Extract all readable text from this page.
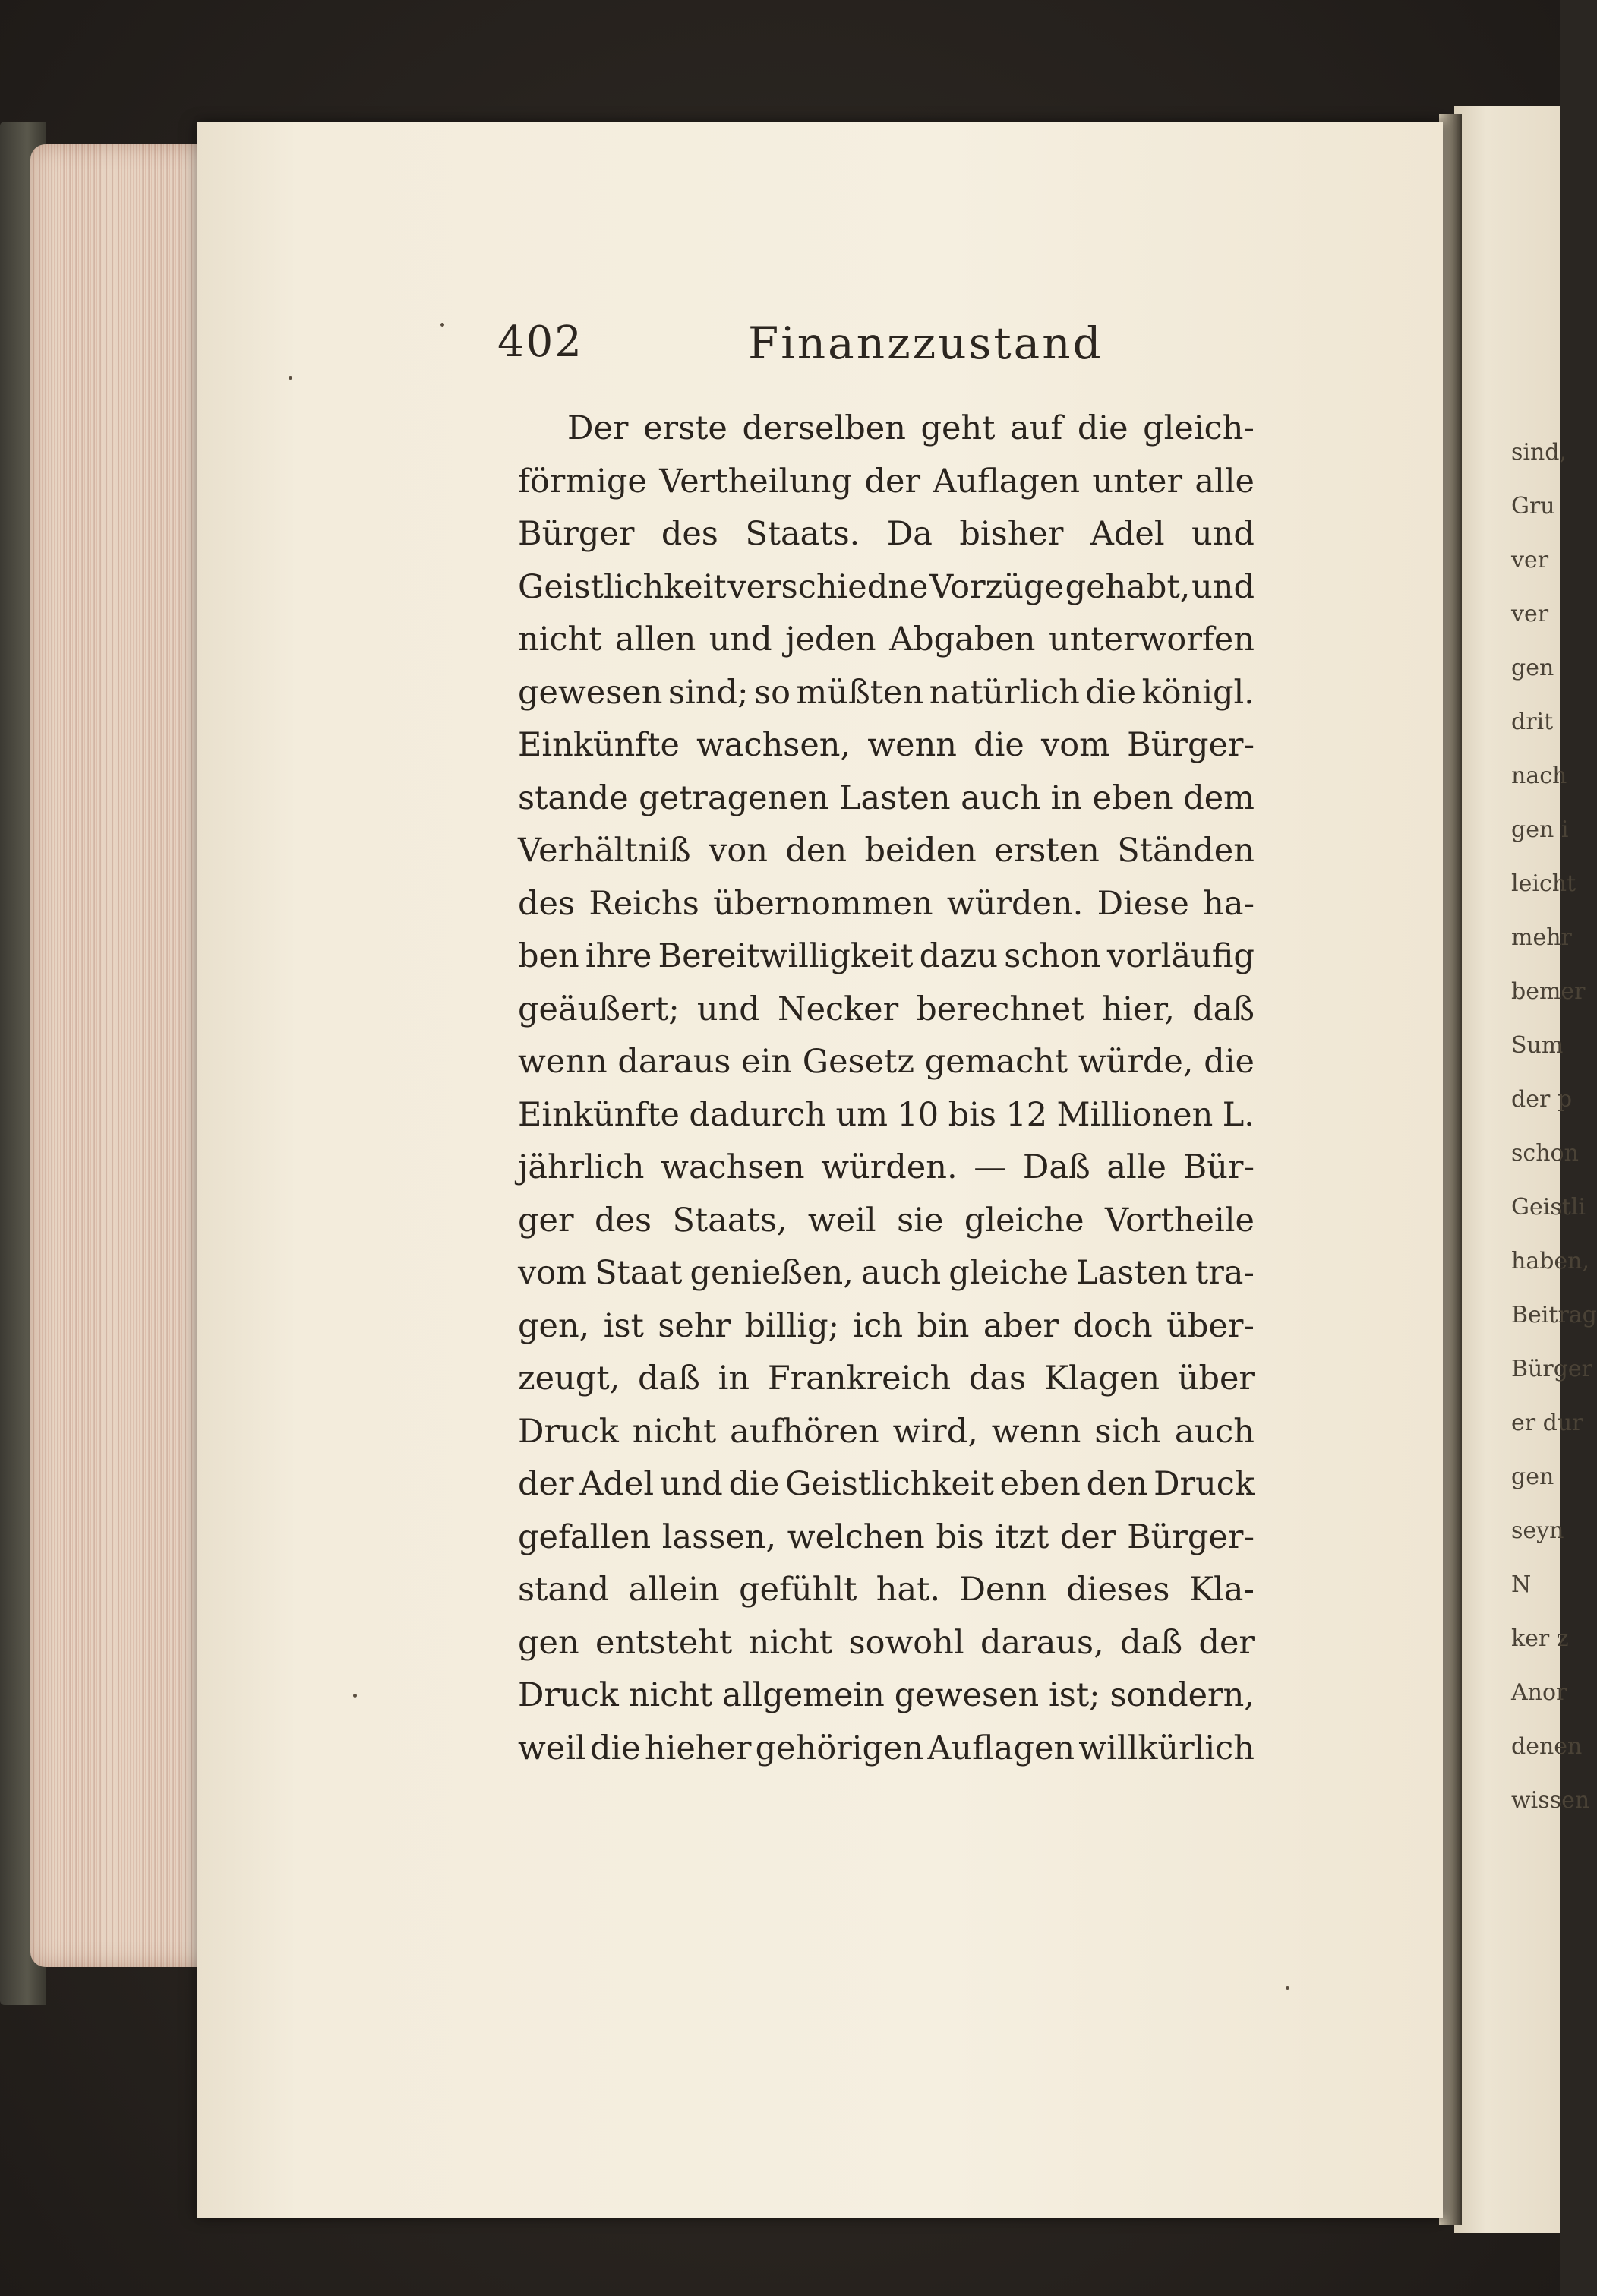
sind,
Gru
ver
ver
gen
drit
nach
gen i
leicht
mehr
bemer
Sum
der p
schon
Geistli
haben,
Beitrag
Bürger
er dur
gen
seyn
N
ker z
Anor
denen
wissen
402	Finanzzustand
Der erste derselben geht auf die gleich-
förmige Vertheilung der Auflagen unter alle
Bürger des Staats. Da bisher Adel und
Geistlichkeit verschiedne Vorzüge gehabt, und
nicht allen und jeden Abgaben unterworfen
gewesen sind; so müßten natürlich die königl.
Einkünfte wachsen, wenn die vom Bürger-
stande getragenen Lasten auch in eben dem
Verhältniß von den beiden ersten Ständen
des Reichs übernommen würden. Diese ha-
ben ihre Bereitwilligkeit dazu schon vorläufig
geäußert; und Necker berechnet hier, daß
wenn daraus ein Gesetz gemacht würde, die
Einkünfte dadurch um 10 bis 12 Millionen L.
jährlich wachsen würden. — Daß alle Bür-
ger des Staats, weil sie gleiche Vortheile
vom Staat genießen, auch gleiche Lasten tra-
gen, ist sehr billig; ich bin aber doch über-
zeugt, daß in Frankreich das Klagen über
Druck nicht aufhören wird, wenn sich auch
der Adel und die Geistlichkeit eben den Druck
gefallen lassen, welchen bis itzt der Bürger-
stand allein gefühlt hat. Denn dieses Kla-
gen entsteht nicht sowohl daraus, daß der
Druck nicht allgemein gewesen ist; sondern,
weil die hieher gehörigen Auflagen willkürlich
